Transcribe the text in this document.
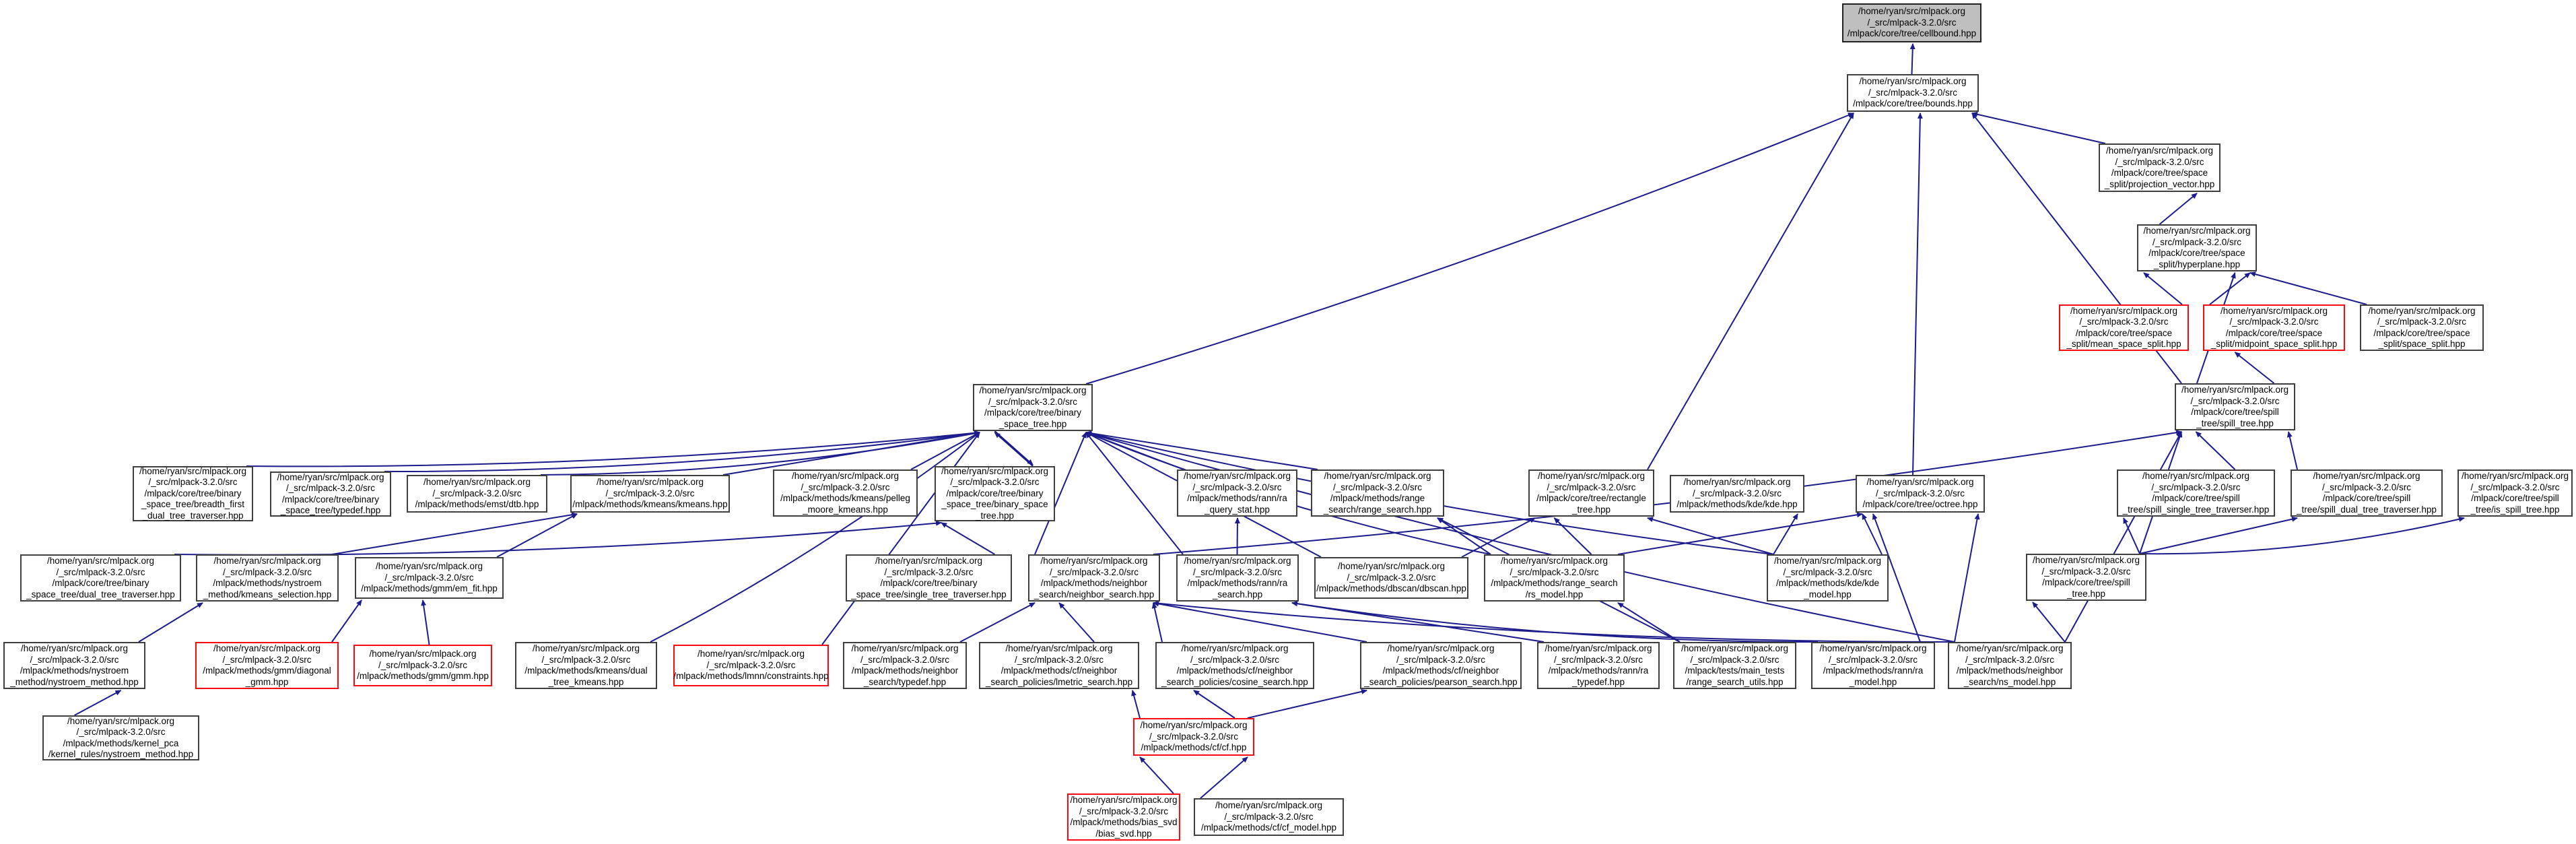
/home/ryan/src/mlpack.org
/_src/mlpack-3.2.0/src
/mlpack/core/tree/cellbound.hpp
/home/ryan/src/mlpack.org
/_src/mlpack-3.2.0/src
/mlpack/core/tree/bounds.hpp
/home/ryan/src/mlpack.org
/_src/mlpack-3.2.0/src
/mlpack/core/tree/space
_split/projection_vector.hpp
/home/ryan/src/mlpack.org
/_src/mlpack-3.2.0/src
/mlpack/core/tree/space
_split/hyperplane.hpp
/home/ryan/src/mlpack.org
/_src/mlpack-3.2.0/src
/mlpack/core/tree/space
_split/mean_space_split.hpp
/home/ryan/src/mlpack.org
/_src/mlpack-3.2.0/src
/mlpack/core/tree/space
_split/midpoint_space_split.hpp
/home/ryan/src/mlpack.org
/_src/mlpack-3.2.0/src
/mlpack/core/tree/space
_split/space_split.hpp
/home/ryan/src/mlpack.org
/_src/mlpack-3.2.0/src
/mlpack/core/tree/binary
_space_tree.hpp
/home/ryan/src/mlpack.org
/_src/mlpack-3.2.0/src
/mlpack/core/tree/spill
_tree/spill_tree.hpp
/home/ryan/src/mlpack.org
/_src/mlpack-3.2.0/src
/mlpack/core/tree/binary
_space_tree/breadth_first
_dual_tree_traverser.hpp
/home/ryan/src/mlpack.org
/_src/mlpack-3.2.0/src
/mlpack/core/tree/binary
_space_tree/typedef.hpp
/home/ryan/src/mlpack.org
/_src/mlpack-3.2.0/src
/mlpack/methods/emst/dtb.hpp
/home/ryan/src/mlpack.org
/_src/mlpack-3.2.0/src
/mlpack/methods/kmeans/kmeans.hpp
/home/ryan/src/mlpack.org
/_src/mlpack-3.2.0/src
/mlpack/methods/kmeans/pelleg
_moore_kmeans.hpp
/home/ryan/src/mlpack.org
/_src/mlpack-3.2.0/src
/mlpack/core/tree/binary
_space_tree/binary_space
_tree.hpp
/home/ryan/src/mlpack.org
/_src/mlpack-3.2.0/src
/mlpack/methods/rann/ra
_query_stat.hpp
/home/ryan/src/mlpack.org
/_src/mlpack-3.2.0/src
/mlpack/methods/range
_search/range_search.hpp
/home/ryan/src/mlpack.org
/_src/mlpack-3.2.0/src
/mlpack/core/tree/rectangle
_tree.hpp
/home/ryan/src/mlpack.org
/_src/mlpack-3.2.0/src
/mlpack/methods/kde/kde.hpp
/home/ryan/src/mlpack.org
/_src/mlpack-3.2.0/src
/mlpack/core/tree/octree.hpp
/home/ryan/src/mlpack.org
/_src/mlpack-3.2.0/src
/mlpack/core/tree/spill
_tree/spill_single_tree_traverser.hpp
/home/ryan/src/mlpack.org
/_src/mlpack-3.2.0/src
/mlpack/core/tree/spill
_tree/spill_dual_tree_traverser.hpp
/home/ryan/src/mlpack.org
/_src/mlpack-3.2.0/src
/mlpack/core/tree/spill
_tree/is_spill_tree.hpp
/home/ryan/src/mlpack.org
/_src/mlpack-3.2.0/src
/mlpack/core/tree/binary
_space_tree/dual_tree_traverser.hpp
/home/ryan/src/mlpack.org
/_src/mlpack-3.2.0/src
/mlpack/methods/nystroem
_method/kmeans_selection.hpp
/home/ryan/src/mlpack.org
/_src/mlpack-3.2.0/src
/mlpack/methods/gmm/em_fit.hpp
/home/ryan/src/mlpack.org
/_src/mlpack-3.2.0/src
/mlpack/core/tree/binary
_space_tree/single_tree_traverser.hpp
/home/ryan/src/mlpack.org
/_src/mlpack-3.2.0/src
/mlpack/methods/neighbor
_search/neighbor_search.hpp
/home/ryan/src/mlpack.org
/_src/mlpack-3.2.0/src
/mlpack/methods/rann/ra
_search.hpp
/home/ryan/src/mlpack.org
/_src/mlpack-3.2.0/src
/mlpack/methods/dbscan/dbscan.hpp
/home/ryan/src/mlpack.org
/_src/mlpack-3.2.0/src
/mlpack/methods/range_search
/rs_model.hpp
/home/ryan/src/mlpack.org
/_src/mlpack-3.2.0/src
/mlpack/methods/kde/kde
_model.hpp
/home/ryan/src/mlpack.org
/_src/mlpack-3.2.0/src
/mlpack/core/tree/spill
_tree.hpp
/home/ryan/src/mlpack.org
/_src/mlpack-3.2.0/src
/mlpack/methods/nystroem
_method/nystroem_method.hpp
/home/ryan/src/mlpack.org
/_src/mlpack-3.2.0/src
/mlpack/methods/gmm/diagonal
_gmm.hpp
/home/ryan/src/mlpack.org
/_src/mlpack-3.2.0/src
/mlpack/methods/gmm/gmm.hpp
/home/ryan/src/mlpack.org
/_src/mlpack-3.2.0/src
/mlpack/methods/kmeans/dual
_tree_kmeans.hpp
/home/ryan/src/mlpack.org
/_src/mlpack-3.2.0/src
/mlpack/methods/lmnn/constraints.hpp
/home/ryan/src/mlpack.org
/_src/mlpack-3.2.0/src
/mlpack/methods/neighbor
_search/typedef.hpp
/home/ryan/src/mlpack.org
/_src/mlpack-3.2.0/src
/mlpack/methods/cf/neighbor
_search_policies/lmetric_search.hpp
/home/ryan/src/mlpack.org
/_src/mlpack-3.2.0/src
/mlpack/methods/cf/neighbor
_search_policies/cosine_search.hpp
/home/ryan/src/mlpack.org
/_src/mlpack-3.2.0/src
/mlpack/methods/cf/neighbor
_search_policies/pearson_search.hpp
/home/ryan/src/mlpack.org
/_src/mlpack-3.2.0/src
/mlpack/methods/rann/ra
_typedef.hpp
/home/ryan/src/mlpack.org
/_src/mlpack-3.2.0/src
/mlpack/tests/main_tests
/range_search_utils.hpp
/home/ryan/src/mlpack.org
/_src/mlpack-3.2.0/src
/mlpack/methods/rann/ra
_model.hpp
/home/ryan/src/mlpack.org
/_src/mlpack-3.2.0/src
/mlpack/methods/neighbor
_search/ns_model.hpp
/home/ryan/src/mlpack.org
/_src/mlpack-3.2.0/src
/mlpack/methods/kernel_pca
/kernel_rules/nystroem_method.hpp
/home/ryan/src/mlpack.org
/_src/mlpack-3.2.0/src
/mlpack/methods/cf/cf.hpp
/home/ryan/src/mlpack.org
/_src/mlpack-3.2.0/src
/mlpack/methods/bias_svd
/bias_svd.hpp
/home/ryan/src/mlpack.org
/_src/mlpack-3.2.0/src
/mlpack/methods/cf/cf_model.hpp
